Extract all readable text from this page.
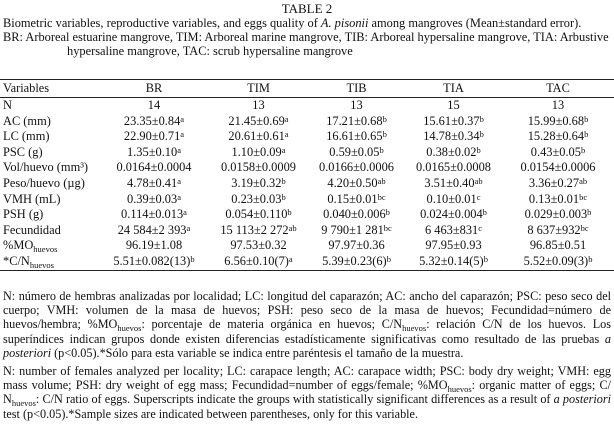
TABLE 2
Biometric variables, reproductive variables, and eggs quality of A. pisonii among mangroves (Mean±standard error).
BR: Arboreal estuarine mangrove, TIM: Arboreal marine mangrove, TIB: Arboreal hypersaline mangrove, TIA: Arbustive
hypersaline mangrove, TAC: scrub hypersaline mangrove
Variables	BR	TIM	TIB	TIA	TAC
N	14	13	13	15	13
AC (mm)	23.35±0.84$^a$	21.45±0.69$^a$	17.21±0.68$^b$	15.61±0.37$^b$	15.99±0.68$^b$
LC (mm)	22.90±0.71$^a$	20.61±0.61$^a$	16.61±0.65$^b$	14.78±0.34$^b$	15.28±0.64$^b$
PSC (g)	1.35±0.10$^a$	1.10±0.09$^a$	0.59±0.05$^b$	0.38±0.02$^b$	0.43±0.05$^b$
Vol/huevo (mm³)	0.0164±0.0004	0.0158±0.0009	0.0166±0.0006	0.0165±0.0008	0.0154±0.0006
Peso/huevo (µg)	4.78±0.41$^a$	3.19±0.32$^b$	4.20±0.50$^{ab}$	3.51±0.40$^{ab}$	3.36±0.27$^{ab}$
VMH (mL)	0.39±0.03$^a$	0.23±0.03$^b$	0.15±0.01$^{bc}$	0.10±0.01$^c$	0.13±0.01$^{bc}$
PSH (g)	0.114±0.013$^a$	0.054±0.110$^b$	0.040±0.006$^b$	0.024±0.004$^b$	0.029±0.003$^b$
Fecundidad	24 584±2 393$^a$	15 113±2 $272^{ab}$	9 790±1 $281^{bc}$	6 $463\pm 831^c$	8 $637\pm 932^{bc}$
$\%MO_{huevos}$	96.19±1.08	97.53±0.32	97.97±0.36	97.95±0.93	96.85±0.51
$*C/N_{huevos}$	$5.51\pm 0.082(13)^b$	$6.56\pm 0.10(7)^a$	$5.39\pm 0.23(6)^b$	$5.32\pm 0.14(5)^b$	$5.52\pm 0.09(3)^b$

N: número de hembras analizadas por localidad; LC: longitud del caparazón; AC: ancho del caparazón; PSC: peso seco del cuerpo; VMH: volumen de la masa de huevos; PSH: peso seco de la masa de huevos; Fecundidad=número de huevos/hembra; $\%MO_{huevos}$: porcentaje de materia orgánica en huevos; $C/N_{huevos}$: relación C/N de los huevos. Los superíndices indican grupos donde existen diferencias estadísticamente significativas como resultado de las pruebas a posteriori (p<0.05).*Sólo para esta variable se indica entre paréntesis el tamaño de la muestra.

N: number of females analyzed per locality; LC: carapace length; AC: carapace width; PSC: body dry weight; VMH: egg mass volume; PSH: dry weight of egg mass; Fecundidad=number of eggs/female; $\%MO_{huevos}$: organic matter of eggs; C/ $N_{huevos}$: C/N ratio of eggs. Superscripts indicate the groups with statistically significant differences as a result of a posteriori test (p<0.05).*Sample sizes are indicated between parentheses, only for this variable.
